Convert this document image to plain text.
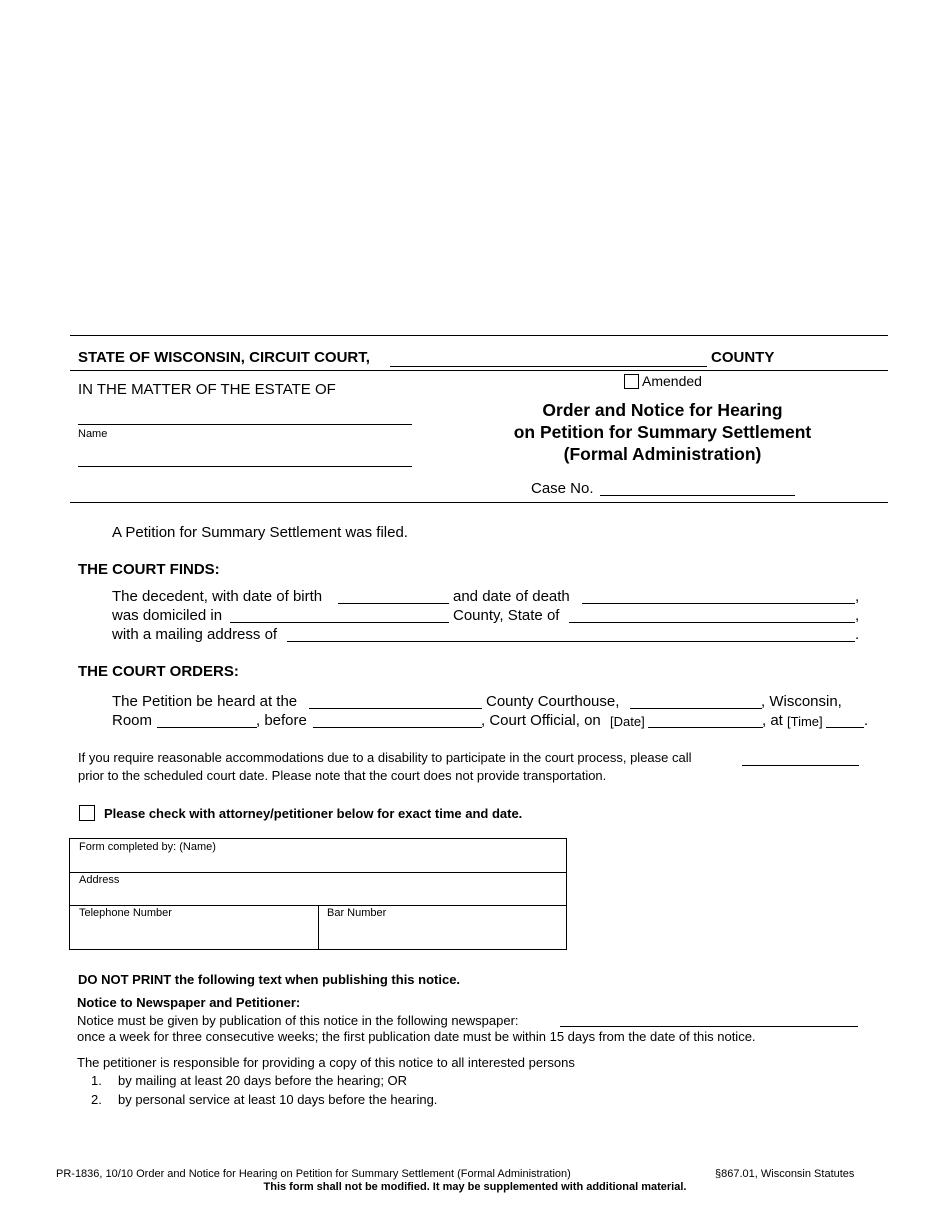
STATE OF WISCONSIN, CIRCUIT COURT,	COUNTY
Amended
IN THE MATTER OF THE ESTATE OF
Name
Order and Notice for Hearing
on Petition for Summary Settlement
(Formal Administration)
Case No.
A Petition for Summary Settlement was filed.
THE COURT FINDS:
The decedent, with date of birth	and date of death	,
was domiciled in	County, State of	,
with a mailing address of	.
THE COURT ORDERS:
The Petition be heard at the	County Courthouse,	, Wisconsin,
Room	, before	, Court Official, on [Date]	, at [Time]	.
If you require reasonable accommodations due to a disability to participate in the court process, please call
prior to the scheduled court date. Please note that the court does not provide transportation.
Please check with attorney/petitioner below for exact time and date.
Form completed by: (Name)
Address
Telephone Number	Bar Number
DO NOT PRINT the following text when publishing this notice.
Notice to Newspaper and Petitioner:
Notice must be given by publication of this notice in the following newspaper:
once a week for three consecutive weeks; the first publication date must be within 15 days from the date of this notice.
The petitioner is responsible for providing a copy of this notice to all interested persons
1. by mailing at least 20 days before the hearing; OR
2. by personal service at least 10 days before the hearing.
PR-1836, 10/10 Order and Notice for Hearing on Petition for Summary Settlement (Formal Administration)	§867.01, Wisconsin Statutes
This form shall not be modified. It may be supplemented with additional material.
